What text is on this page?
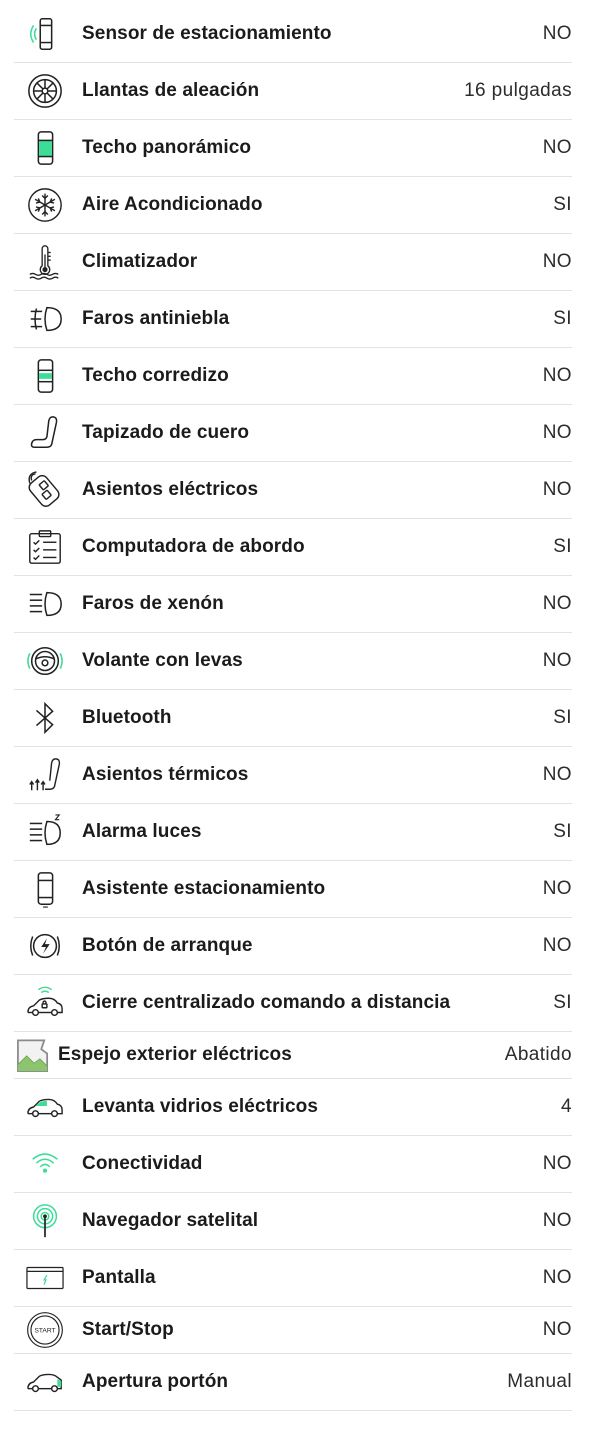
Sensor de estacionamiento	NO
Llantas de aleación	16 pulgadas
Techo panorámico	NO
Aire Acondicionado	SI
Climatizador	NO
Faros antiniebla	SI
Techo corredizo	NO
Tapizado de cuero	NO
Asientos eléctricos	NO
Computadora de abordo	SI
Faros de xenón	NO
Volante con levas	NO
Bluetooth	SI
Asientos térmicos	NO
Alarma luces	SI
Asistente estacionamiento	NO
Botón de arranque	NO
Cierre centralizado comando a distancia	SI
Espejo exterior eléctricos	Abatido
Levanta vidrios eléctricos	4
Conectividad	NO
Navegador satelital	NO
Pantalla	NO
START Start/Stop	NO
Apertura portón	Manual
